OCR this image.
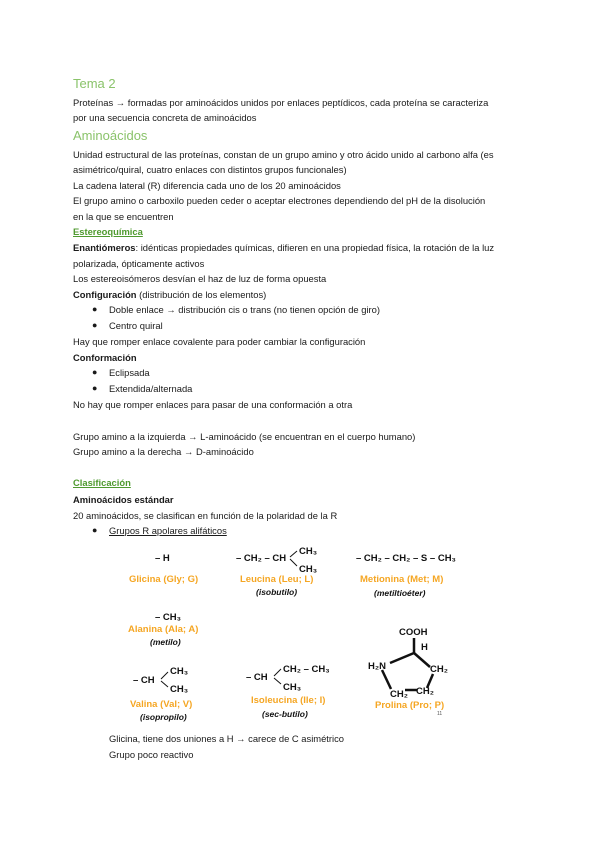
Tema 2
Proteínas → formadas por aminoácidos unidos por enlaces peptídicos, cada proteína se caracteriza
por una secuencia concreta de aminoácidos
Aminoácidos
Unidad estructural de las proteínas, constan de un grupo amino y otro ácido unido al carbono alfa (es
asimétrico/quiral, cuatro enlaces con distintos grupos funcionales)
La cadena lateral (R) diferencia cada uno de los 20 aminoácidos
El grupo amino o carboxilo pueden ceder o aceptar electrones dependiendo del pH de la disolución
en la que se encuentren
Estereoquímica
Enantiómeros: idénticas propiedades químicas, difieren en una propiedad física, la rotación de la luz
polarizada, ópticamente activos
Los estereoisómeros desvían el haz de luz de forma opuesta
Configuración (distribución de los elementos)
● Doble enlace → distribución cis o trans (no tienen opción de giro)
● Centro quiral
Hay que romper enlace covalente para poder cambiar la configuración
Conformación
● Eclipsada
● Extendida/alternada
No hay que romper enlaces para pasar de una conformación a otra
Grupo amino a la izquierda → L-aminoácido (se encuentran en el cuerpo humano)
Grupo amino a la derecha → D-aminoácido
Clasificación
Aminoácidos estándar
20 aminoácidos, se clasifican en función de la polaridad de la R
● Grupos R apolares alifáticos
– H	– CH₂ – CH
CH₃
CH₃
– CH₂ – CH₂ – S – CH₃
– CH₃
– CH
CH₃
CH₃
– CH
CH₂ – CH₃
CH₃
COOH
H
H₂N	CH₂
CH₂ CH₂
Glicina (Gly; G)	Leucina (Leu; L)	Metionina (Met; M)
Alanina (Ala; A)
Valina (Val; V)	Isoleucina (Ile; I)	Prolina (Pro; P)
(isobutilo)	(metiltioéter)
(metilo)
(isopropilo)	(sec-butilo)	11
Glicina, tiene dos uniones a H → carece de C asimétrico
Grupo poco reactivo
